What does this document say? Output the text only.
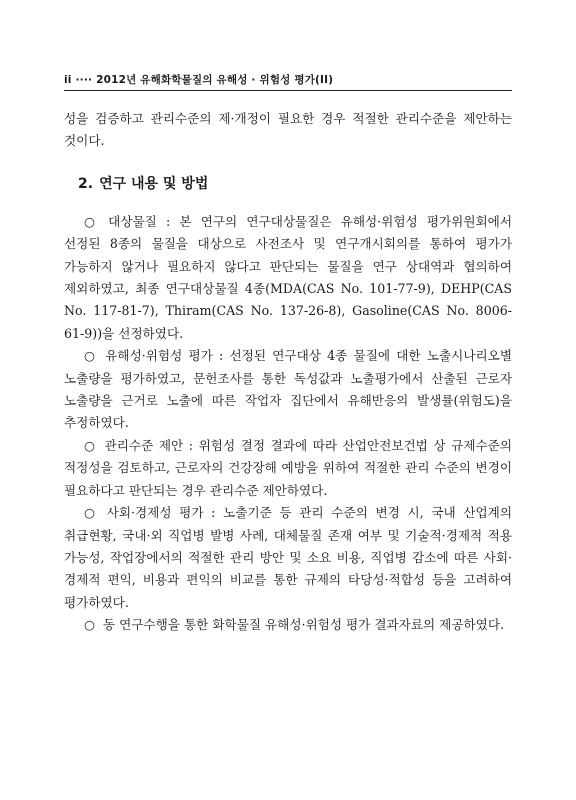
ii ···· 2012년 유해화학물질의 유해성 · 위험성 평가(II)

성을 검증하고 관리수준의 제·개정이 필요한 경우 적절한 관리수준을 제안하는 것이다.

2. 연구 내용 및 방법

○ 대상물질 : 본 연구의 연구대상물질은 유해성·위험성 평가위원회에서 선정된 8종의 물질을 대상으로 사전조사 및 연구개시회의를 통하여 평가가 가능하지 않거나 필요하지 않다고 판단되는 물질을 연구 상대역과 협의하여 제외하였고, 최종 연구대상물질 4종(MDA(CAS No. 101-77-9), DEHP(CAS No. 117-81-7), Thiram(CAS No. 137-26-8), Gasoline(CAS No. 8006-61-9))을 선정하였다.

○ 유해성·위험성 평가 : 선정된 연구대상 4종 물질에 대한 노출시나리오별 노출량을 평가하였고, 문헌조사를 통한 독성값과 노출평가에서 산출된 근로자 노출량을 근거로 노출에 따른 작업자 집단에서 유해반응의 발생률(위험도)을 추정하였다.

○ 관리수준 제안 : 위험성 결정 결과에 따라 산업안전보건법 상 규제수준의 적정성을 검토하고, 근로자의 건강장해 예방을 위하여 적절한 관리 수준의 변경이 필요하다고 판단되는 경우 관리수준 제안하였다.

○ 사회·경제성 평가 : 노출기준 등 관리 수준의 변경 시, 국내 산업계의 취급현황, 국내·외 직업병 발병 사례, 대체물질 존재 여부 및 기술적·경제적 적용 가능성, 작업장에서의 적절한 관리 방안 및 소요 비용, 직업병 감소에 따른 사회·경제적 편익, 비용과 편익의 비교를 통한 규제의 타당성·적합성 등을 고려하여 평가하였다.

○ 동 연구수행을 통한 화학물질 유해성·위험성 평가 결과자료의 제공하였다.
